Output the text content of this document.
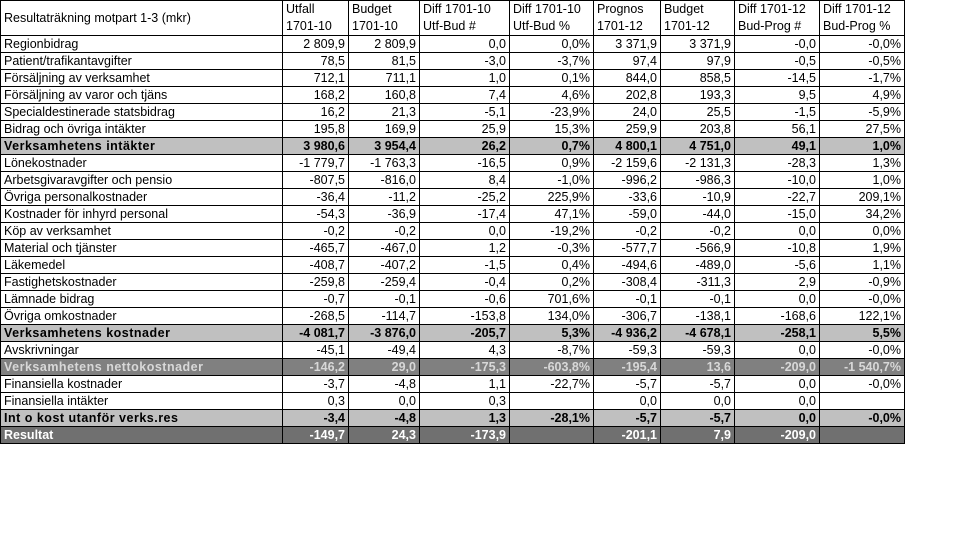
Resultaträkning motpart 1-3 (mkr)	Utfall	Budget	Diff 1701-10	Diff 1701-10	Prognos	Budget	Diff 1701-12	Diff 1701-12
	1701-10	1701-10	Utf-Bud #	Utf-Bud %	1701-12	1701-12	Bud-Prog #	Bud-Prog %
Regionbidrag	2 809,9	2 809,9	0,0	0,0%	3 371,9	3 371,9	-0,0	-0,0%
Patient/trafikantavgifter	78,5	81,5	-3,0	-3,7%	97,4	97,9	-0,5	-0,5%
Försäljning av verksamhet	712,1	711,1	1,0	0,1%	844,0	858,5	-14,5	-1,7%
Försäljning av varor och tjäns	168,2	160,8	7,4	4,6%	202,8	193,3	9,5	4,9%
Specialdestinerade statsbidrag	16,2	21,3	-5,1	-23,9%	24,0	25,5	-1,5	-5,9%
Bidrag och övriga intäkter	195,8	169,9	25,9	15,3%	259,9	203,8	56,1	27,5%
Verksamhetens intäkter	3 980,6	3 954,4	26,2	0,7%	4 800,1	4 751,0	49,1	1,0%
Lönekostnader	-1 779,7	-1 763,3	-16,5	0,9%	-2 159,6	-2 131,3	-28,3	1,3%
Arbetsgivaravgifter och pensio	-807,5	-816,0	8,4	-1,0%	-996,2	-986,3	-10,0	1,0%
Övriga personalkostnader	-36,4	-11,2	-25,2	225,9%	-33,6	-10,9	-22,7	209,1%
Kostnader för inhyrd personal	-54,3	-36,9	-17,4	47,1%	-59,0	-44,0	-15,0	34,2%
Köp av verksamhet	-0,2	-0,2	0,0	-19,2%	-0,2	-0,2	0,0	0,0%
Material och tjänster	-465,7	-467,0	1,2	-0,3%	-577,7	-566,9	-10,8	1,9%
Läkemedel	-408,7	-407,2	-1,5	0,4%	-494,6	-489,0	-5,6	1,1%
Fastighetskostnader	-259,8	-259,4	-0,4	0,2%	-308,4	-311,3	2,9	-0,9%
Lämnade bidrag	-0,7	-0,1	-0,6	701,6%	-0,1	-0,1	0,0	-0,0%
Övriga omkostnader	-268,5	-114,7	-153,8	134,0%	-306,7	-138,1	-168,6	122,1%
Verksamhetens kostnader	-4 081,7	-3 876,0	-205,7	5,3%	-4 936,2	-4 678,1	-258,1	5,5%
Avskrivningar	-45,1	-49,4	4,3	-8,7%	-59,3	-59,3	0,0	-0,0%
Verksamhetens nettokostnader	-146,2	29,0	-175,3	-603,8%	-195,4	13,6	-209,0	-1 540,7%
Finansiella kostnader	-3,7	-4,8	1,1	-22,7%	-5,7	-5,7	0,0	-0,0%
Finansiella intäkter	0,3	0,0	0,3		0,0	0,0	0,0	
Int o kost utanför verks.res	-3,4	-4,8	1,3	-28,1%	-5,7	-5,7	0,0	-0,0%
Resultat	-149,7	24,3	-173,9		-201,1	7,9	-209,0	
